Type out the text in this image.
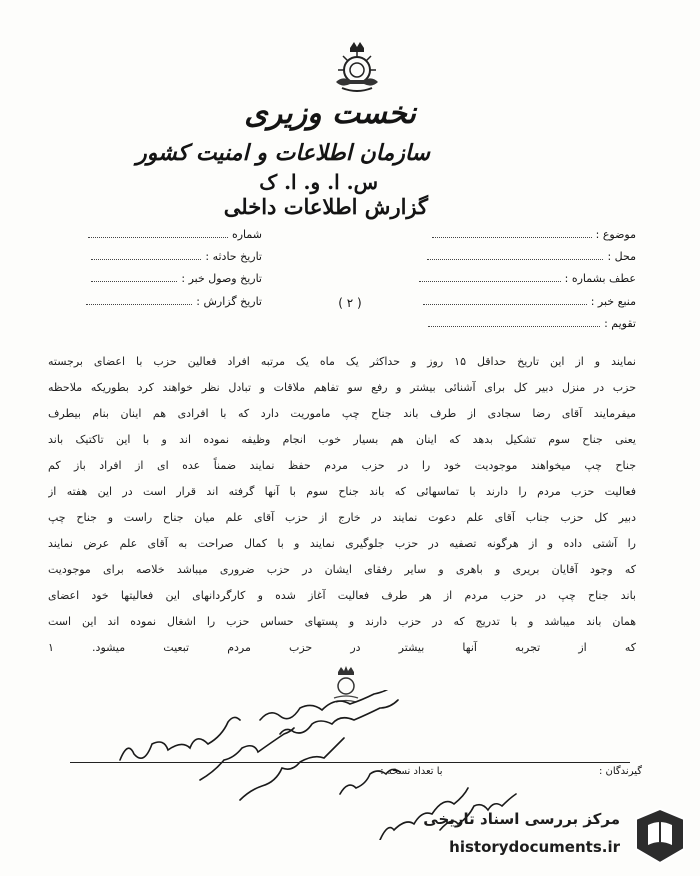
نخست وزیری
سازمان اطلاعات و امنیت کشور
س. ا. و. ا. ک
گزارش اطلاعات داخلی
موضوع :
محل :
عطف بشماره :
منبع خبر :
تقویم :
شماره
تاریخ حادثه :
تاریخ وصول خبر :
تاریخ گزارش :	( ۲ )
نمایند و از این تاریخ حداقل ۱۵ روز و حداکثر یک ماه یک مرتبه افراد فعالین حزب با اعضای برجسته
حزب در منزل دبیر کل برای آشنائی بیشتر و رفع سو تفاهم ملاقات و تبادل نظر خواهند کرد بطوریکه ملاحظه
میفرمایند آقای رضا سجادی از طرف باند جناح چپ ماموریت دارد که با افرادی هم اینان بنام بیطرف
یعنی جناح سوم تشکیل بدهد که اینان هم بسیار خوب انجام وظیفه نموده اند و با این تاکتیک باند
جناح چپ میخواهند موجودیت خود را در حزب مردم حفظ نمایند ضمناً عده ای از افراد باز کم
فعالیت حزب مردم را دارند با تماسهائی که باند جناح سوم با آنها گرفته اند قرار است در این هفته از
دبیر کل حزب جناب آقای علم دعوت نمایند در خارج از حزب آقای علم میان جناح راست و جناح چپ
را آشتی داده و از هرگونه تصفیه در حزب جلوگیری نمایند و با کمال صراحت به آقای علم عرض نمایند
که وجود آقایان بریری و باهری و سایر رفقای ایشان در حزب ضروری میباشد خلاصه برای موجودیت
باند جناح چپ در حزب مردم از هر طرف فعالیت آغاز شده و کارگردانهای این فعالیتها خود اعضای
همان باند میباشد و با تدریج که در حزب دارند و پستهای حساس حزب را اشغال نموده اند این است
که از تجربه آنها بیشتر در حزب مردم تبعیت میشود. ۱
گیرندگان :  با تعداد نسخه :
مرکز بررسی اسناد تاریخی
historydocuments.ir
